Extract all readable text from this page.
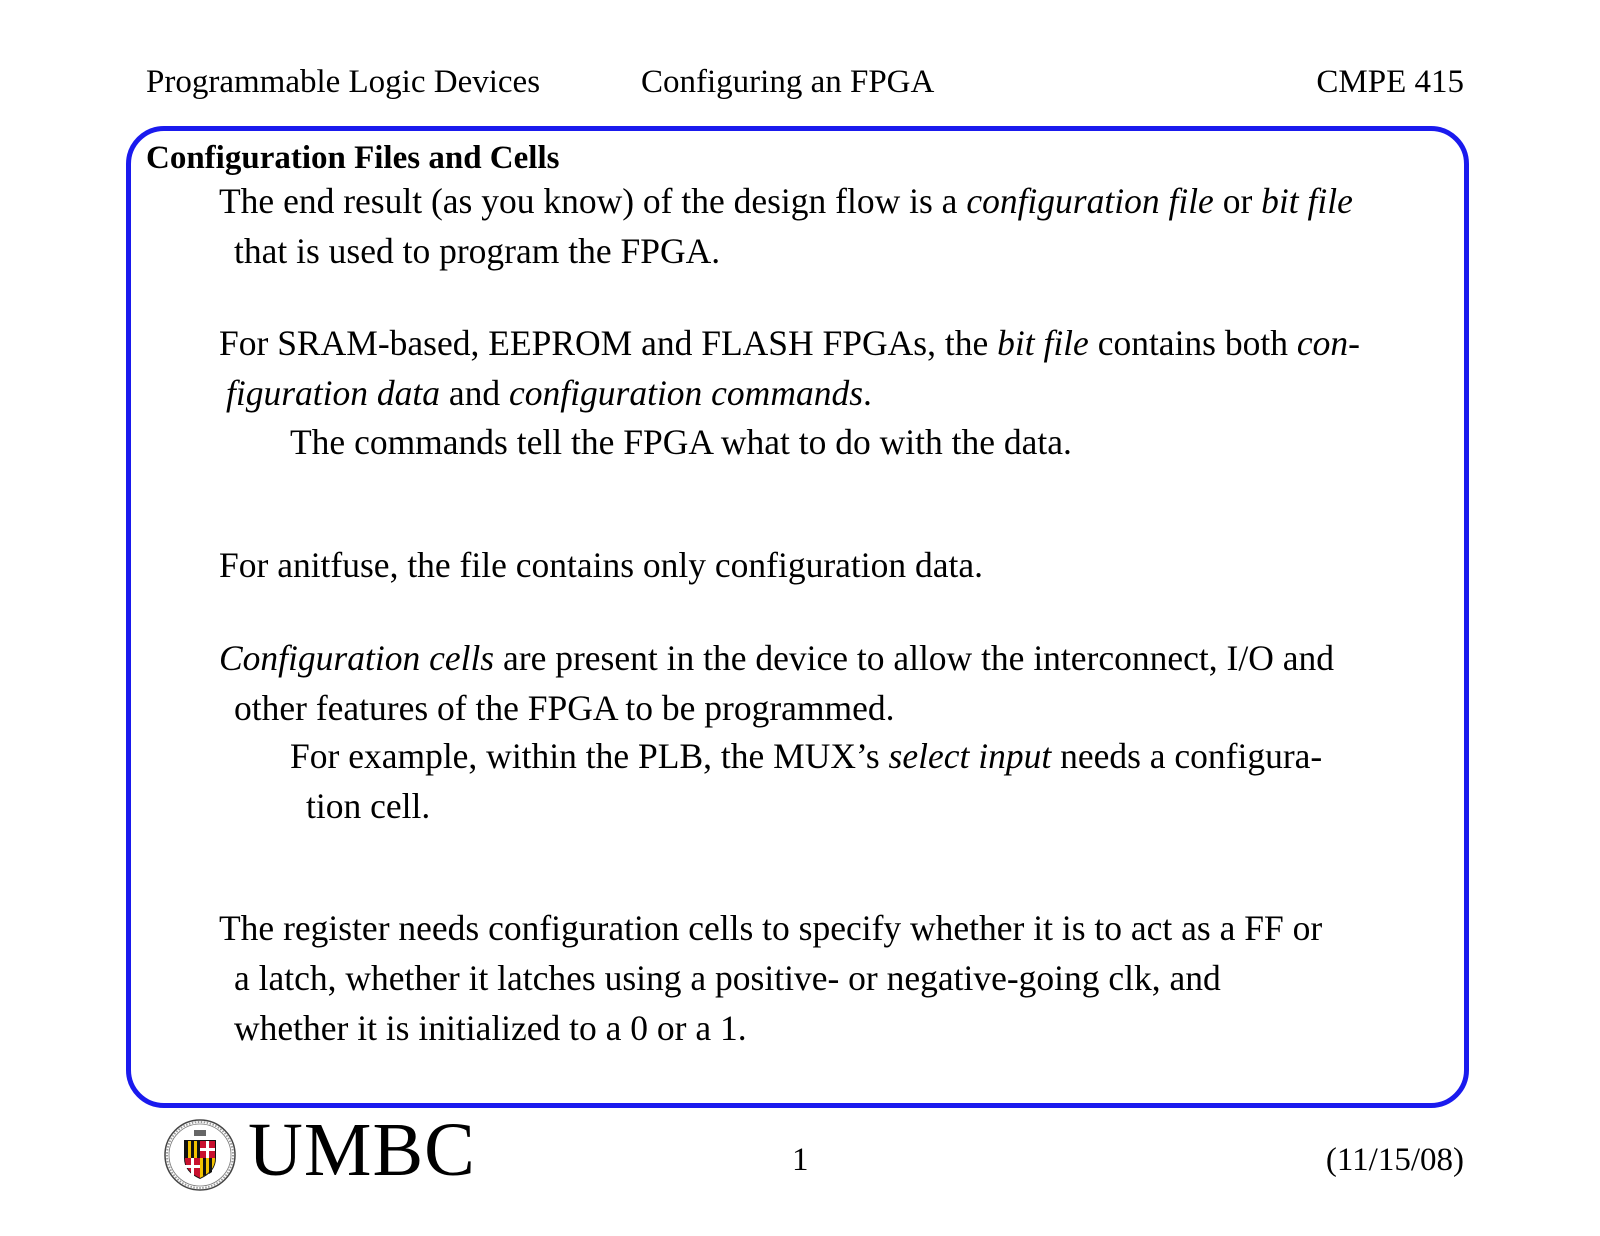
Programmable Logic Devices	Configuring an FPGA	CMPE 415
Configuration Files and Cells
The end result (as you know) of the design flow is a configuration file or bit file
that is used to program the FPGA.
For SRAM-based, EEPROM and FLASH FPGAs, the bit file contains both con-
figuration data and configuration commands.
The commands tell the FPGA what to do with the data.
For anitfuse, the file contains only configuration data.
Configuration cells are present in the device to allow the interconnect, I/O and
other features of the FPGA to be programmed.
For example, within the PLB, the MUX’s select input needs a configura-
tion cell.
The register needs configuration cells to specify whether it is to act as a FF or
a latch, whether it latches using a positive- or negative-going clk, and
whether it is initialized to a 0 or a 1.
UMBC	1	(11/15/08)
